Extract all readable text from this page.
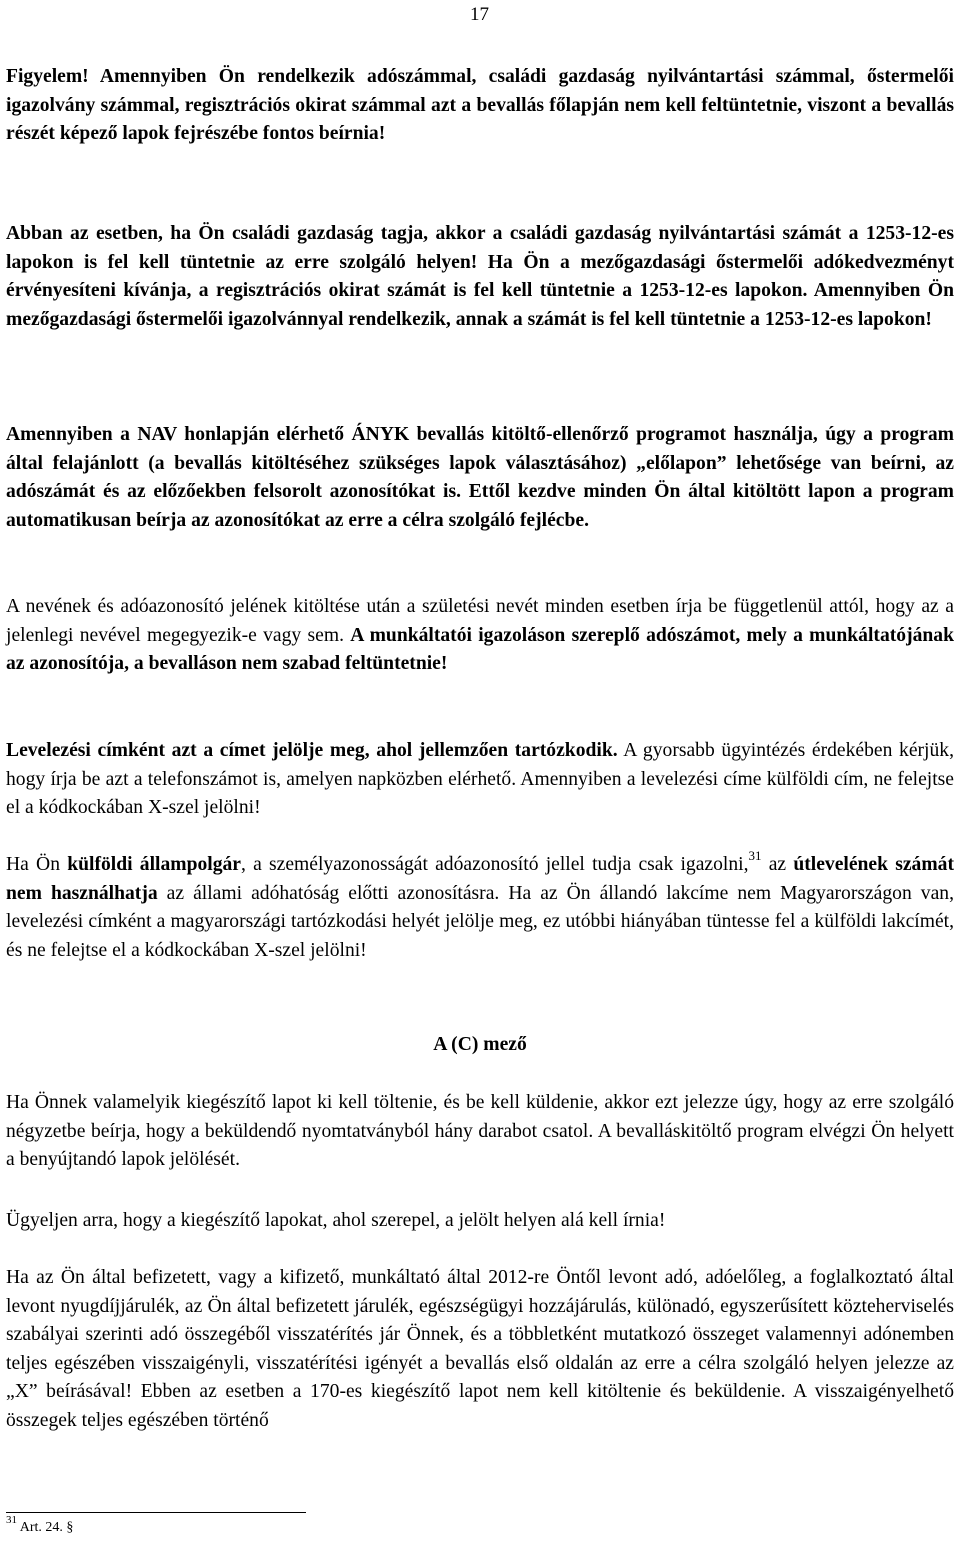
17

Figyelem! Amennyiben Ön rendelkezik adószámmal, családi gazdaság nyilvántartási számmal, őstermelői igazolvány számmal, regisztrációs okirat számmal azt a bevallás főlapján nem kell feltüntetnie, viszont a bevallás részét képező lapok fejrészébe fontos beírnia!

Abban az esetben, ha Ön családi gazdaság tagja, akkor a családi gazdaság nyilvántartási számát a 1253-12-es lapokon is fel kell tüntetnie az erre szolgáló helyen! Ha Ön a mezőgazdasági őstermelői adókedvezményt érvényesíteni kívánja, a regisztrációs okirat számát is fel kell tüntetnie a 1253-12-es lapokon. Amennyiben Ön mezőgazdasági őstermelői igazolvánnyal rendelkezik, annak a számát is fel kell tüntetnie a 1253-12-es lapokon!

Amennyiben a NAV honlapján elérhető ÁNYK bevallás kitöltő-ellenőrző programot használja, úgy a program által felajánlott (a bevallás kitöltéséhez szükséges lapok választásához) „előlapon” lehetősége van beírni, az adószámát és az előzőekben felsorolt azonosítókat is. Ettől kezdve minden Ön által kitöltött lapon a program automatikusan beírja az azonosítókat az erre a célra szolgáló fejlécbe.

A nevének és adóazonosító jelének kitöltése után a születési nevét minden esetben írja be függetlenül attól, hogy az a jelenlegi nevével megegyezik-e vagy sem. A munkáltatói igazoláson szereplő adószámot, mely a munkáltatójának az azonosítója, a bevalláson nem szabad feltüntetnie!

Levelezési címként azt a címet jelölje meg, ahol jellemzően tartózkodik. A gyorsabb ügyintézés érdekében kérjük, hogy írja be azt a telefonszámot is, amelyen napközben elérhető. Amennyiben a levelezési címe külföldi cím, ne felejtse el a kódkockában X-szel jelölni!

Ha Ön külföldi állampolgár, a személyazonosságát adóazonosító jellel tudja csak igazolni,$^{31}$ az útlevelének számát nem használhatja az állami adóhatóság előtti azonosításra. Ha az Ön állandó lakcíme nem Magyarországon van, levelezési címként a magyarországi tartózkodási helyét jelölje meg, ez utóbbi hiányában tüntesse fel a külföldi lakcímét, és ne felejtse el a kódkockában X-szel jelölni!

A (C) mező

Ha Önnek valamelyik kiegészítő lapot ki kell töltenie, és be kell küldenie, akkor ezt jelezze úgy, hogy az erre szolgáló négyzetbe beírja, hogy a beküldendő nyomtatványból hány darabot csatol. A bevalláskitöltő program elvégzi Ön helyett a benyújtandó lapok jelölését.

Ügyeljen arra, hogy a kiegészítő lapokat, ahol szerepel, a jelölt helyen alá kell írnia!

Ha az Ön által befizetett, vagy a kifizető, munkáltató által 2012-re Öntől levont adó, adóelőleg, a foglalkoztató által levont nyugdíjjárulék, az Ön által befizetett járulék, egészségügyi hozzájárulás, különadó, egyszerűsített közteherviselés szabályai szerinti adó összegéből visszatérítés jár Önnek, és a többletként mutatkozó összeget valamennyi adónemben teljes egészében visszaigényli, visszatérítési igényét a bevallás első oldalán az erre a célra szolgáló helyen jelezze az „X” beírásával! Ebben az esetben a 170-es kiegészítő lapot nem kell kitöltenie és beküldenie. A visszaigényelhető összegek teljes egészében történő

$^{31}$ Art. 24. §
